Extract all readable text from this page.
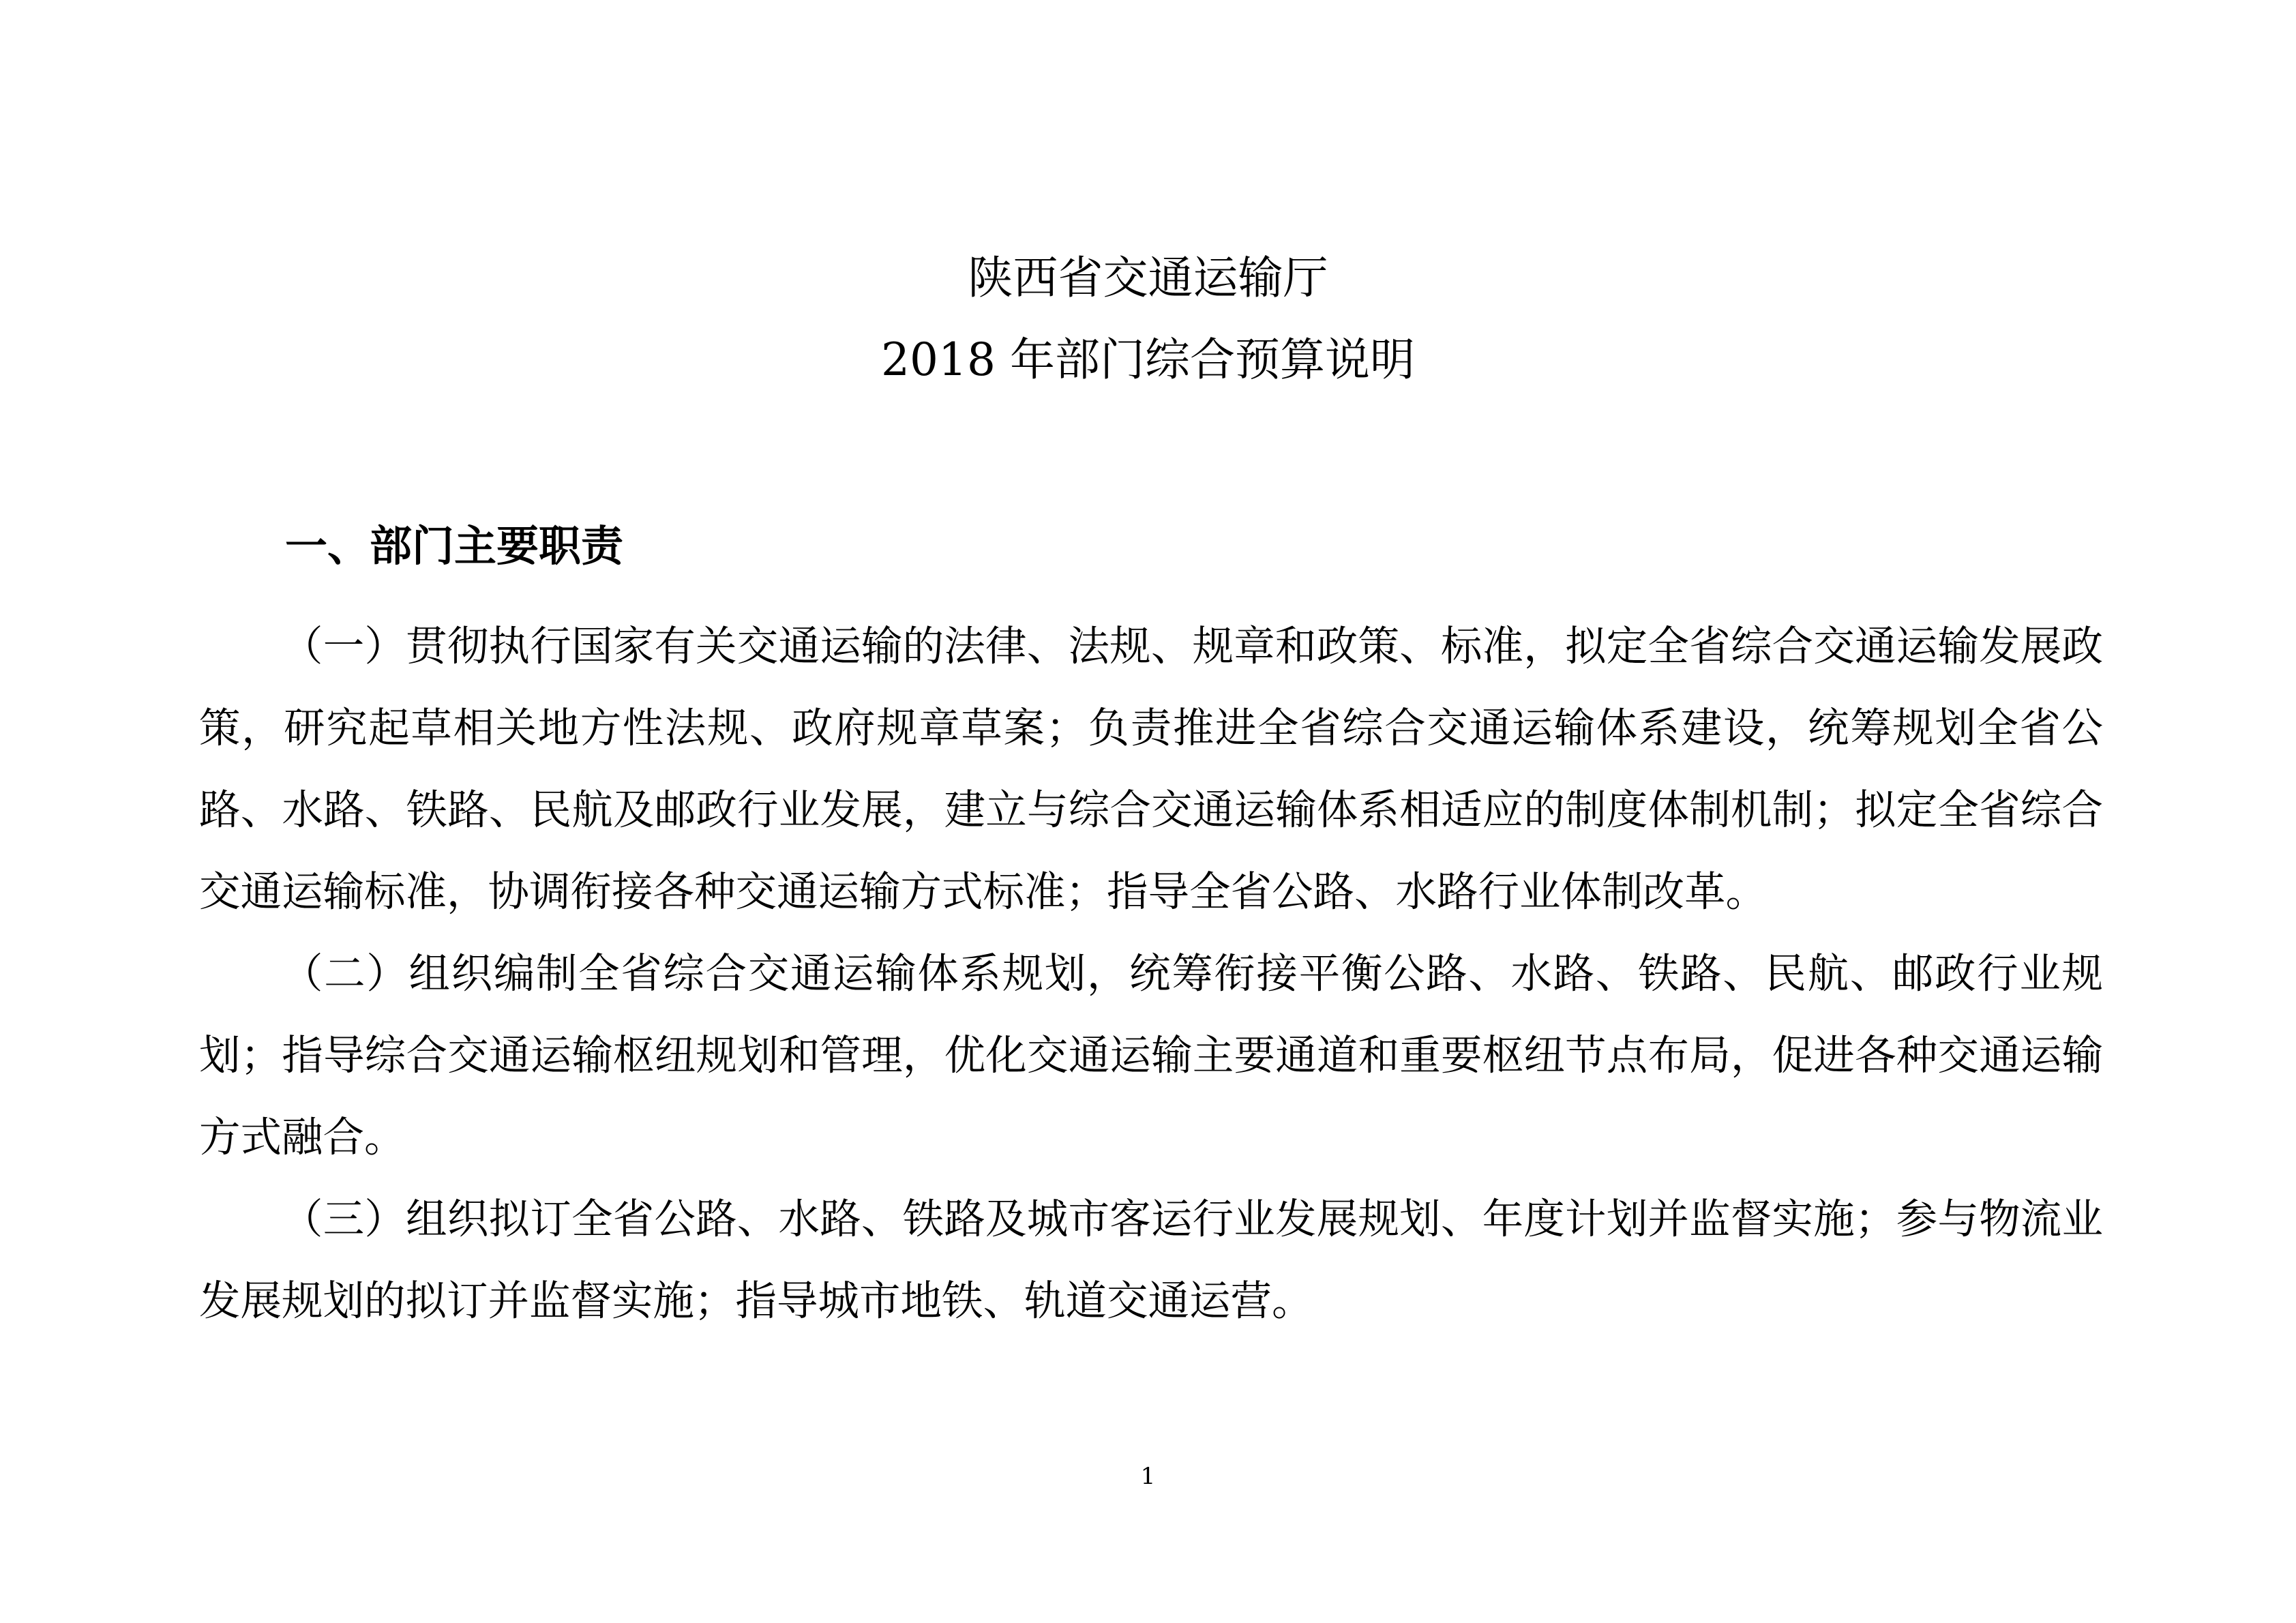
陕西省交通运输厅
2018 年部门综合预算说明
一、部门主要职责

（一）贯彻执行国家有关交通运输的法律、法规、规章和政策、标准，拟定全省综合交通运输发展政策，研究起草相关地方性法规、政府规章草案；负责推进全省综合交通运输体系建设，统筹规划全省公路、水路、铁路、民航及邮政行业发展，建立与综合交通运输体系相适应的制度体制机制；拟定全省综合交通运输标准，协调衔接各种交通运输方式标准；指导全省公路、水路行业体制改革。

（二）组织编制全省综合交通运输体系规划，统筹衔接平衡公路、水路、铁路、民航、邮政行业规划；指导综合交通运输枢纽规划和管理，优化交通运输主要通道和重要枢纽节点布局，促进各种交通运输方式融合。

（三）组织拟订全省公路、水路、铁路及城市客运行业发展规划、年度计划并监督实施；参与物流业发展规划的拟订并监督实施；指导城市地铁、轨道交通运营。

1
